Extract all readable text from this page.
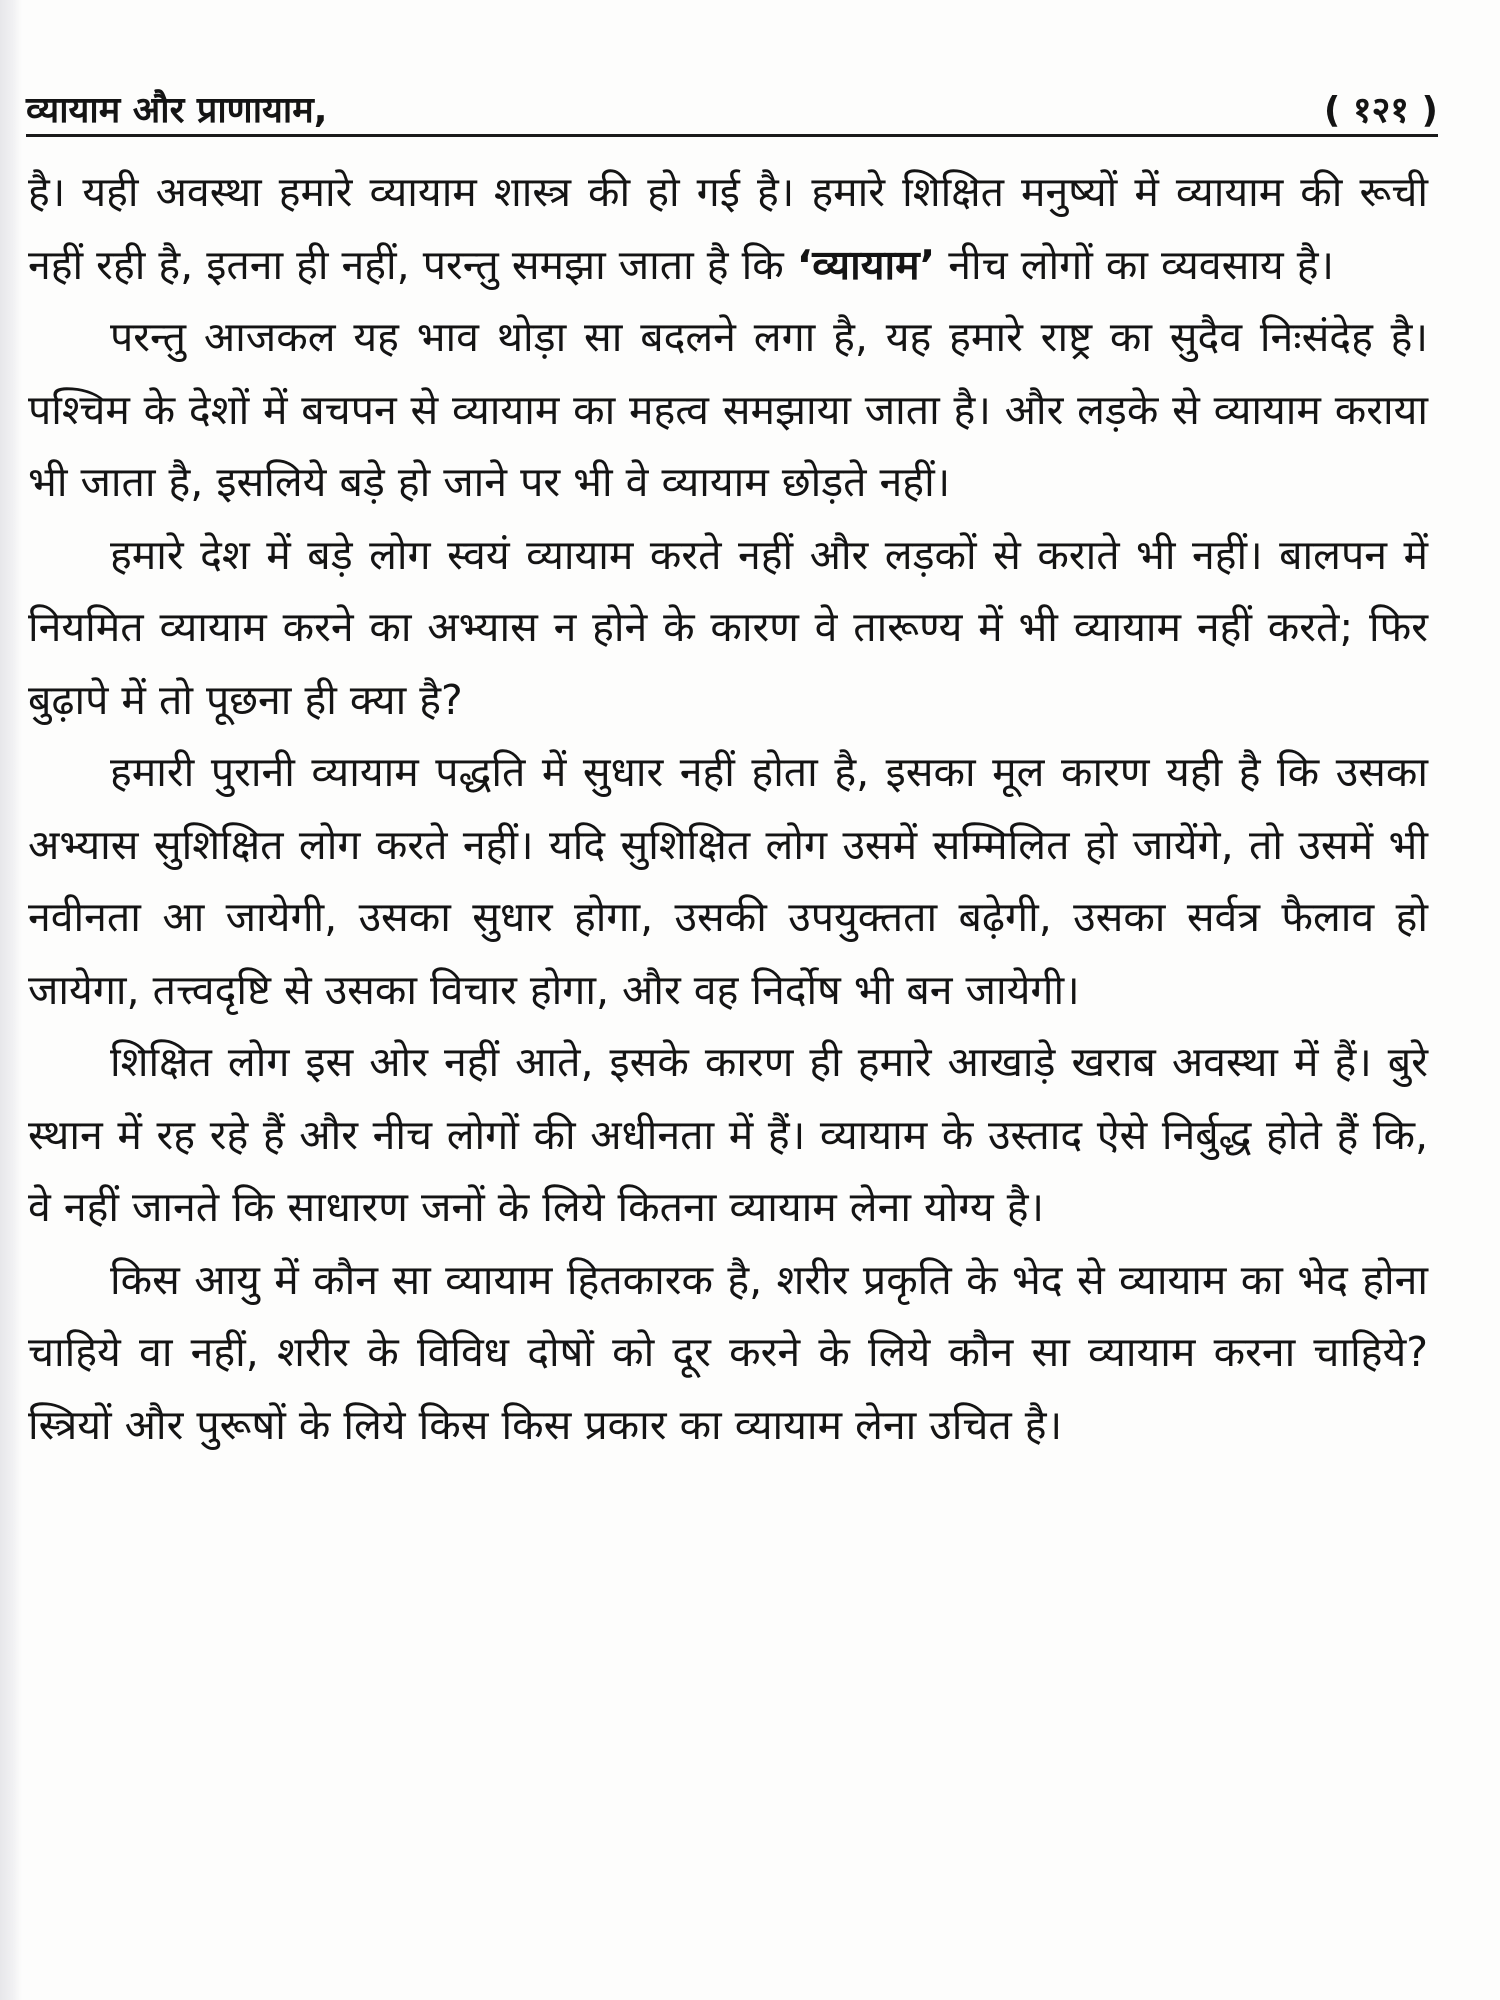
व्यायाम और प्राणायाम,	( १२१ )

है। यही अवस्था हमारे व्यायाम शास्त्र की हो गई है। हमारे शिक्षित मनुष्यों में व्यायाम की रूची नहीं रही है, इतना ही नहीं, परन्तु समझा जाता है कि ‘व्यायाम’ नीच लोगों का व्यवसाय है।

परन्तु आजकल यह भाव थोड़ा सा बदलने लगा है, यह हमारे राष्ट्र का सुदैव निःसंदेह है। पश्चिम के देशों में बचपन से व्यायाम का महत्व समझाया जाता है। और लड़के से व्यायाम कराया भी जाता है, इसलिये बड़े हो जाने पर भी वे व्यायाम छोड़ते नहीं।

हमारे देश में बड़े लोग स्वयं व्यायाम करते नहीं और लड़कों से कराते भी नहीं। बालपन में नियमित व्यायाम करने का अभ्यास न होने के कारण वे तारूण्य में भी व्यायाम नहीं करते; फिर बुढ़ापे में तो पूछना ही क्या है?

हमारी पुरानी व्यायाम पद्धति में सुधार नहीं होता है, इसका मूल कारण यही है कि उसका अभ्यास सुशिक्षित लोग करते नहीं। यदि सुशिक्षित लोग उसमें सम्मिलित हो जायेंगे, तो उसमें भी नवीनता आ जायेगी, उसका सुधार होगा, उसकी उपयुक्तता बढ़ेगी, उसका सर्वत्र फैलाव हो जायेगा, तत्त्वदृष्टि से उसका विचार होगा, और वह निर्दोष भी बन जायेगी।

शिक्षित लोग इस ओर नहीं आते, इसके कारण ही हमारे आखाड़े खराब अवस्था में हैं। बुरे स्थान में रह रहे हैं और नीच लोगों की अधीनता में हैं। व्यायाम के उस्ताद ऐसे निर्बुद्ध होते हैं कि, वे नहीं जानते कि साधारण जनों के लिये कितना व्यायाम लेना योग्य है।

किस आयु में कौन सा व्यायाम हितकारक है, शरीर प्रकृति के भेद से व्यायाम का भेद होना चाहिये वा नहीं, शरीर के विविध दोषों को दूर करने के लिये कौन सा व्यायाम करना चाहिये? स्त्रियों और पुरूषों के लिये किस किस प्रकार का व्यायाम लेना उचित है।
